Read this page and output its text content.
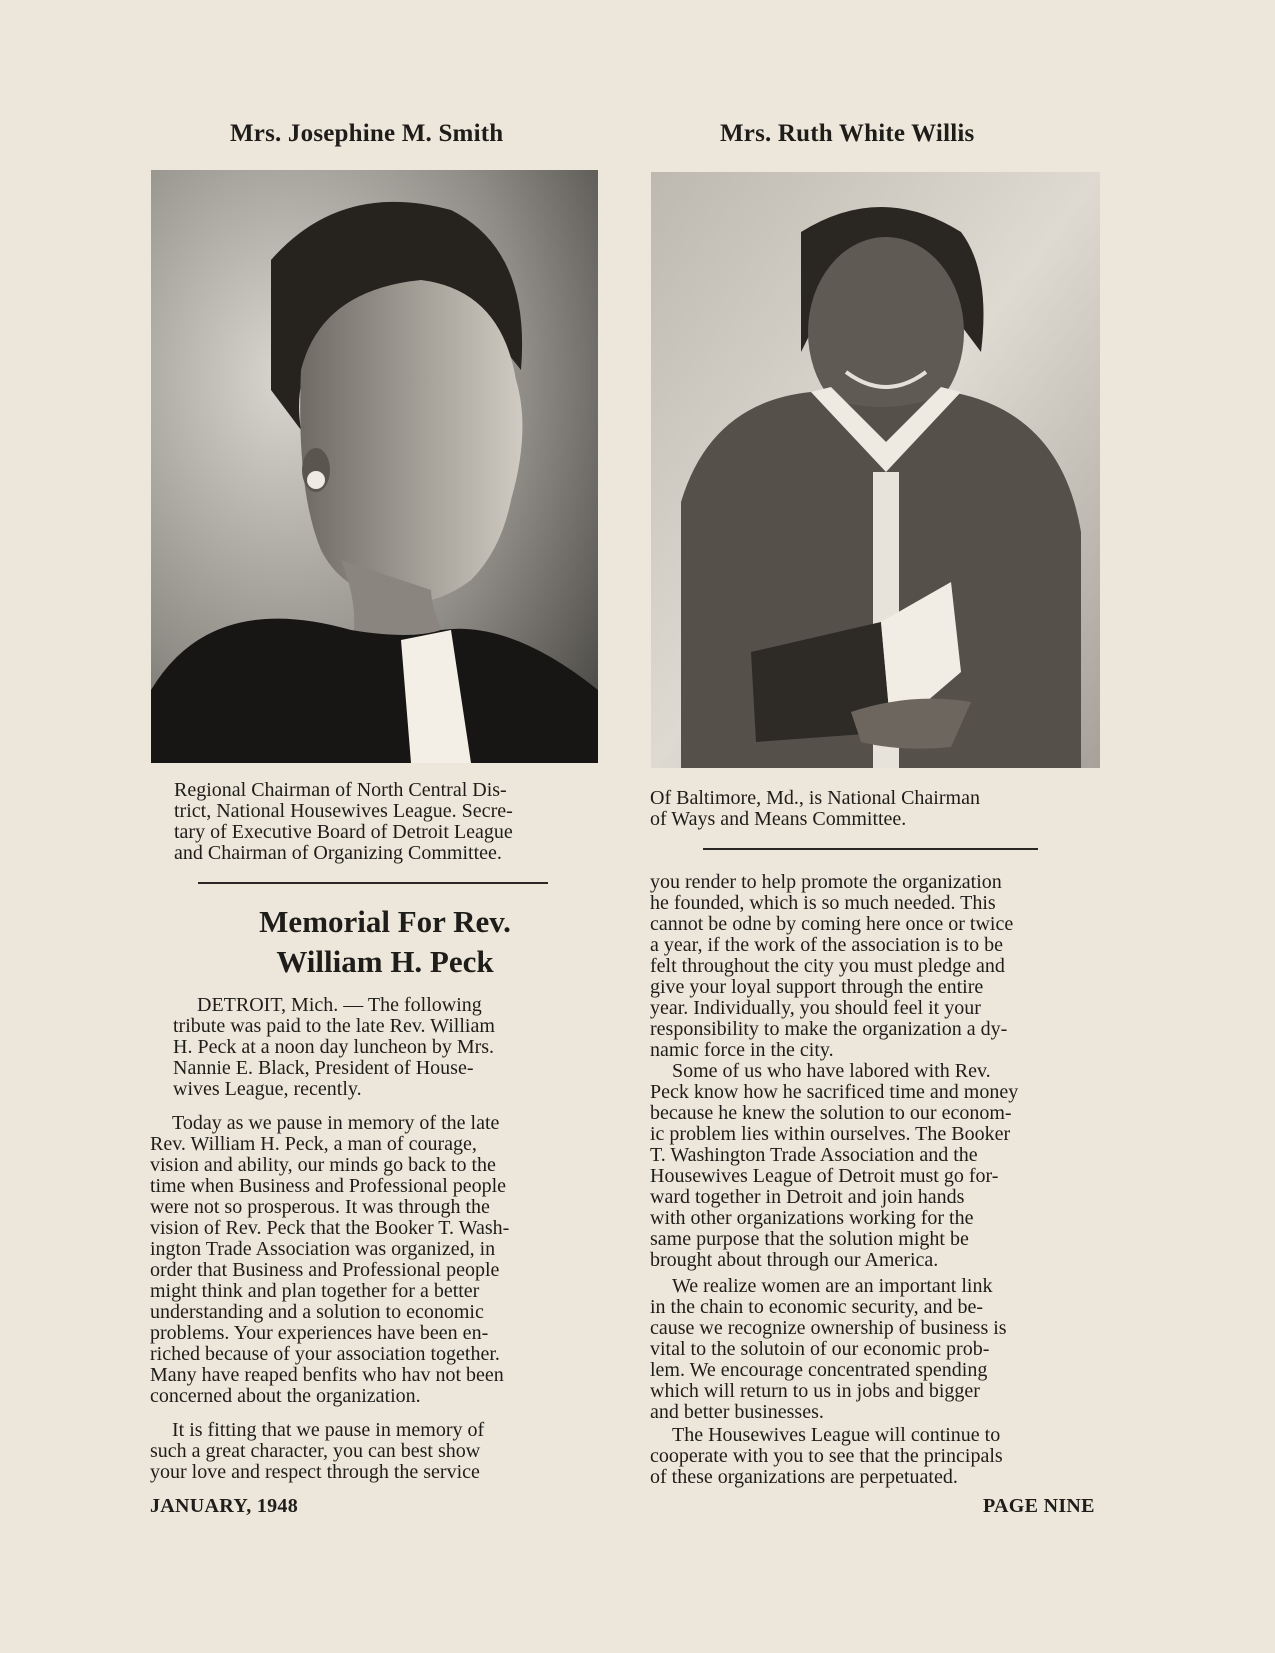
Mrs. Josephine M. Smith
Regional Chairman of North Central Dis-
trict, National Housewives League. Secre-
tary of Executive Board of Detroit League
and Chairman of Organizing Committee.
Mrs. Ruth White Willis
Of Baltimore, Md., is National Chairman
of Ways and Means Committee.
Memorial For Rev.
William H. Peck
DETROIT, Mich. — The following
tribute was paid to the late Rev. William
H. Peck at a noon day luncheon by Mrs.
Nannie E. Black, President of House-
wives League, recently.
Today as we pause in memory of the late
Rev. William H. Peck, a man of courage,
vision and ability, our minds go back to the
time when Business and Professional people
were not so prosperous. It was through the
vision of Rev. Peck that the Booker T. Wash-
ington Trade Association was organized, in
order that Business and Professional people
might think and plan together for a better
understanding and a solution to economic
problems. Your experiences have been en-
riched because of your association together.
Many have reaped benfits who hav not been
concerned about the organization.
It is fitting that we pause in memory of
such a great character, you can best show
your love and respect through the service
you render to help promote the organization
he founded, which is so much needed. This
cannot be odne by coming here once or twice
a year, if the work of the association is to be
felt throughout the city you must pledge and
give your loyal support through the entire
year. Individually, you should feel it your
responsibility to make the organization a dy-
namic force in the city.
Some of us who have labored with Rev.
Peck know how he sacrificed time and money
because he knew the solution to our econom-
ic problem lies within ourselves. The Booker
T. Washington Trade Association and the
Housewives League of Detroit must go for-
ward together in Detroit and join hands
with other organizations working for the
same purpose that the solution might be
brought about through our America.
We realize women are an important link
in the chain to economic security, and be-
cause we recognize ownership of business is
vital to the solutoin of our economic prob-
lem. We encourage concentrated spending
which will return to us in jobs and bigger
and better businesses.
The Housewives League will continue to
cooperate with you to see that the principals
of these organizations are perpetuated.
JANUARY, 1948	PAGE NINE
